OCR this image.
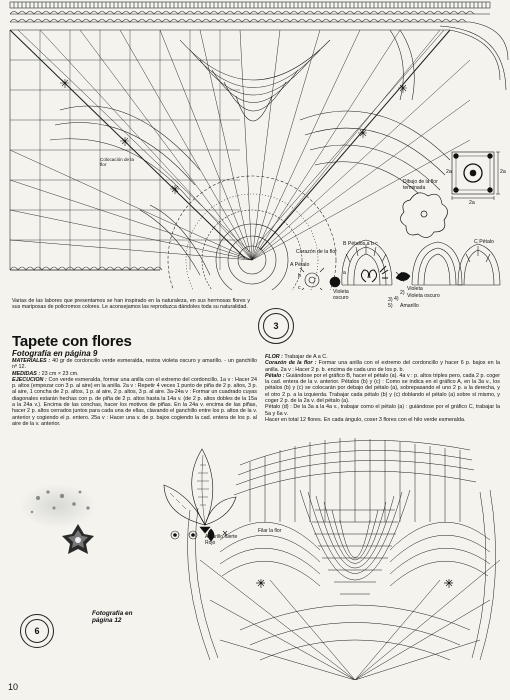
Colocación de la flor
Dibujo de la flor terminada
2a	2a
2a
Corazón de la flor
B Pétalos a b c	C Pétalo
A Pétalo
b	a
c
1)
2)
3) 4)
5)
Violeta oscuro
Violeta
Violeta oscuro
Amarillo
Varias de las labores que presentamos se han inspirado en la naturaleza, en sus hermosas flores y sus mariposas de policromos colores. Le aconsejamos las reproduzca dándoles toda su naturalidad.
3
Tapete con flores
Fotografía en página 9
MATERIALES : 40 gr de cordoncillo verde esmeralda, restos violeta oscuro y amarillo. - un ganchillo nº 12.
MEDIDAS : 23 cm × 23 cm.
EJECUCION : Con verde esmeralda, formar una anilla con el extremo del cordoncillo. 1a v : Hacer 24 p. altos (empezar con 3 p. al aire) en la anilla. 2a v : Repetir 4 veces 1 punto de piña de 2 p. altos, 3 p. al aire, 1 concha de 2 p. altos, 1 p. al aire, 2 p. altos, 3 p. al aire. 3a-24a v : Formar un cuadrado cuyas diagonales estarán hechas con p. de piña de 2 p. altos hasta la 14a v. (de 2 p. altos dobles de la 15a a la 24a v.). Encima de las conchas, hacer los motivos de piñas. En la 24a v. encima de las piñas, hacer 2 p. altos cerrados juntos para cada una de ellas, clavando el ganchillo entre los p. altos de la v. anterior y cogiendo el p. entero. 25a v : Hacer una v. de p. bajos cogiendo la cad. entera de los p. al aire de la v. anterior.
FLOR : Trabajar de A a C.
Corazón de la flor : Formar una anilla con el extremo del cordoncillo y hacer 6 p. bajos en la anilla. 2a v : Hacer 2 p. b. encima de cada uno de los p. b.
Pétalo : Guiándose por el gráfico B, hacer el pétalo (a). 4a v : p. altos triples pero, cada 2 p. coger la cad. entera de la v. anterior. Pétalos (b) y (c) : Como se indica en el gráfico A, en la 3a v., los pétalos (b) y (c) se colocarán por debajo del pétalo (a), sobrepasando el uno 2 p. a la derecha, y el otro 2 p. a la izquierda. Trabajar cada pétalo (b) y (c) doblando el pétalo (a) sobre sí mismo, y coger 2 p. de la 2a v. del pétalo (a).
Pétalo (d) : De la 3a a la 4a v., trabajar como el pétalo (a) : guiándose por el gráfico C, trabajar la 5a y 6a v.
Hacer en total 12 flores. En cada ángulo, coser 3 flores con el hilo verde esmeralda.
Amarillo fuerte Rojo
Filar la flor
6
Fotografía en página 12
10
